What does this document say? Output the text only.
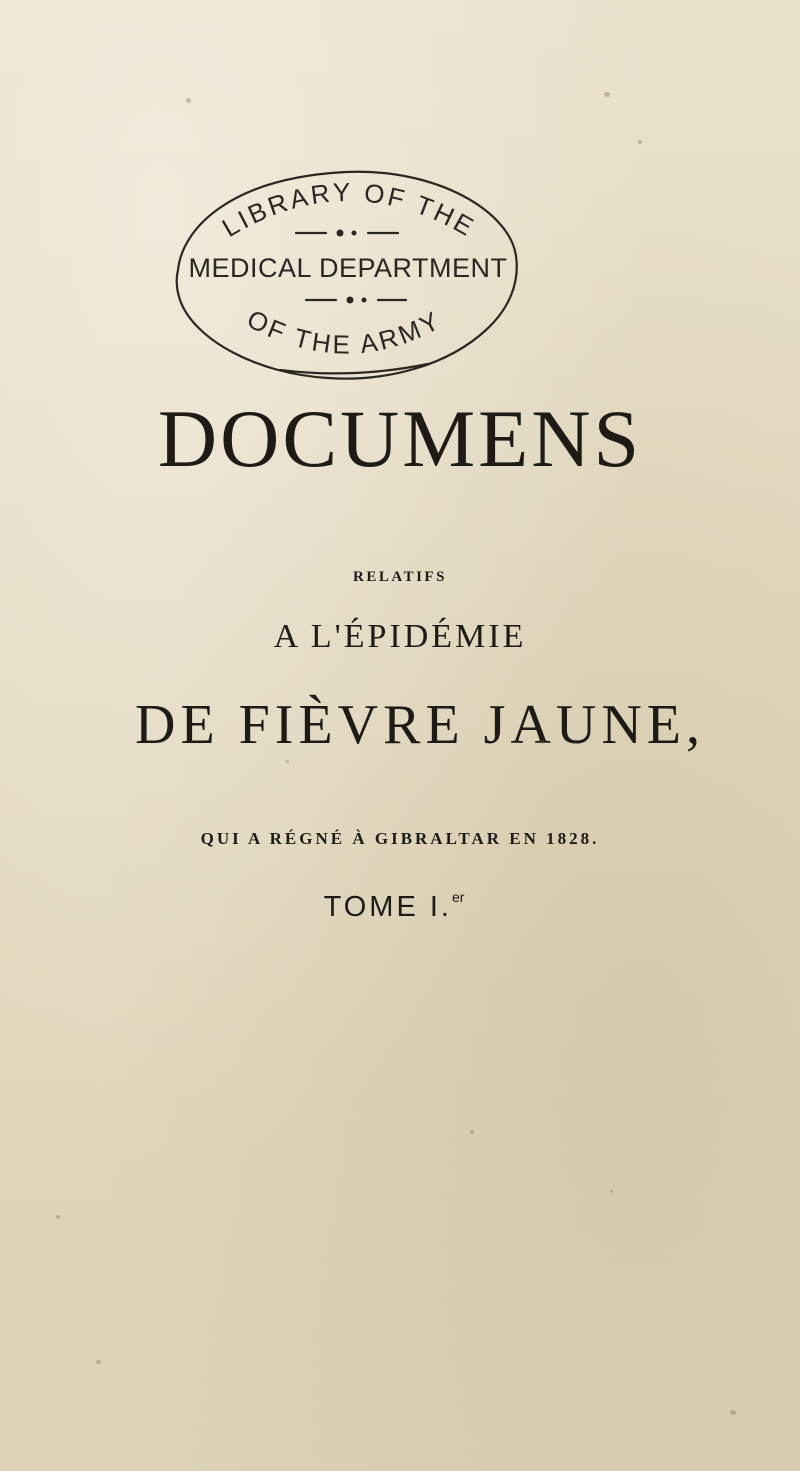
LIBRARY OF THE
MEDICAL DEPARTMENT
OF THE ARMY
DOCUMENS
RELATIFS
A L'ÉPIDÉMIE
DE FIÈVRE JAUNE,
QUI A RÉGNÉ À GIBRALTAR EN 1828.
TOME I.$^{er}$
